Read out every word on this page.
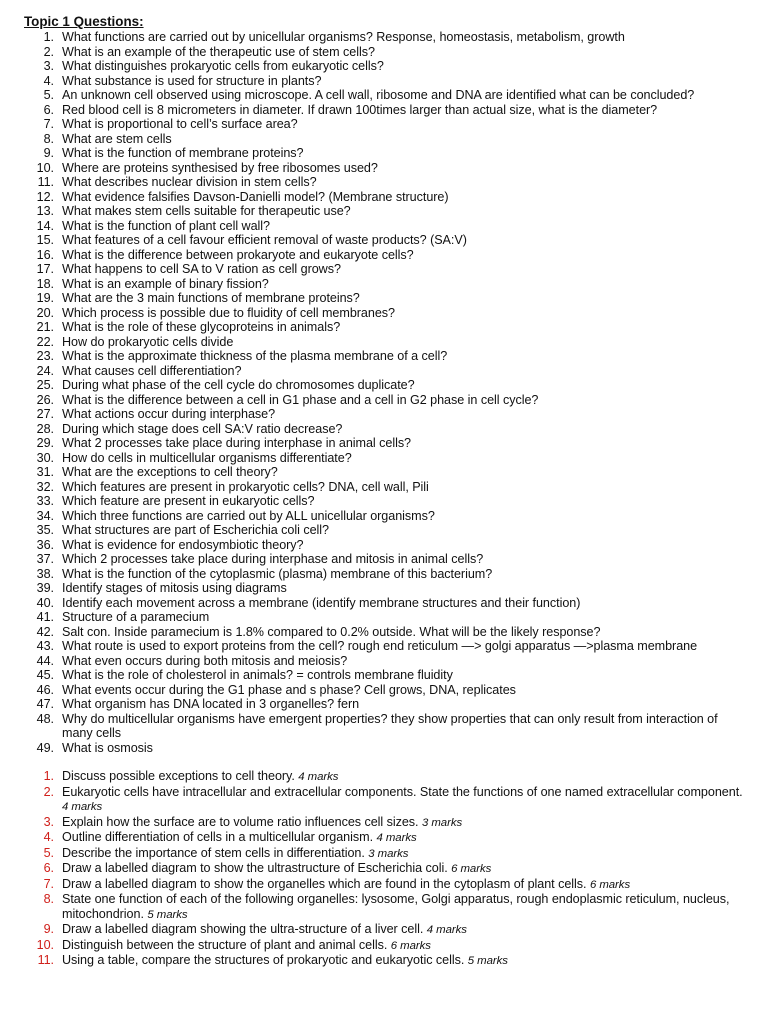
Topic 1 Questions:
1. What functions are carried out by unicellular organisms? Response, homeostasis, metabolism, growth
2. What is an example of the therapeutic use of stem cells?
3. What distinguishes prokaryotic cells from eukaryotic cells?
4. What substance is used for structure in plants?
5. An unknown cell observed using microscope. A cell wall, ribosome and DNA are identified what can be concluded?
6. Red blood cell is 8 micrometers in diameter. If drawn 100times larger than actual size, what is the diameter?
7. What is proportional to cell’s surface area?
8. What are stem cells
9. What is the function of membrane proteins?
10. Where are proteins synthesised by free ribosomes used?
11. What describes nuclear division in stem cells?
12. What evidence falsifies Davson-Danielli model? (Membrane structure)
13. What makes stem cells suitable for therapeutic use?
14. What is the function of plant cell wall?
15. What features of a cell favour efficient removal of waste products? (SA:V)
16. What is the difference between prokaryote and eukaryote cells?
17. What happens to cell SA to V ration as cell grows?
18. What is an example of binary fission?
19. What are the 3 main functions of membrane proteins?
20. Which process is possible due to fluidity of cell membranes?
21. What is the role of these glycoproteins in animals?
22. How do prokaryotic cells divide
23. What is the approximate thickness of the plasma membrane of a cell?
24. What causes cell differentiation?
25. During what phase of the cell cycle do chromosomes duplicate?
26. What is the difference between a cell in G1 phase and a cell in G2 phase in cell cycle?
27. What actions occur during interphase?
28. During which stage does cell SA:V ratio decrease?
29. What 2 processes take place during interphase in animal cells?
30. How do cells in multicellular organisms differentiate?
31. What are the exceptions to cell theory?
32. Which features are present in prokaryotic cells? DNA, cell wall, Pili
33. Which feature are present in eukaryotic cells?
34. Which three functions are carried out by ALL unicellular organisms?
35. What structures are part of Escherichia coli cell?
36. What is evidence for endosymbiotic theory?
37. Which 2 processes take place during interphase and mitosis in animal cells?
38. What is the function of the cytoplasmic (plasma) membrane of this bacterium?
39. Identify stages of mitosis using diagrams
40. Identify each movement across a membrane (identify membrane structures and their function)
41. Structure of a paramecium
42. Salt con. Inside paramecium is 1.8% compared to 0.2% outside. What will be the likely response?
43. What route is used to export proteins from the cell? rough end reticulum —> golgi apparatus —>plasma membrane
44. What even occurs during both mitosis and meiosis?
45. What is the role of cholesterol in animals? = controls membrane fluidity
46. What events occur during the G1 phase and s phase? Cell grows, DNA, replicates
47. What organism has DNA located in 3 organelles? fern
48. Why do multicellular organisms have emergent properties? they show properties that can only result from interaction of many cells
49. What is osmosis
1. Discuss possible exceptions to cell theory. 4 marks
2. Eukaryotic cells have intracellular and extracellular components. State the functions of one named extracellular component. 4 marks
3. Explain how the surface are to volume ratio influences cell sizes. 3 marks
4. Outline differentiation of cells in a multicellular organism. 4 marks
5. Describe the importance of stem cells in differentiation. 3 marks
6. Draw a labelled diagram to show the ultrastructure of Escherichia coli. 6 marks
7. Draw a labelled diagram to show the organelles which are found in the cytoplasm of plant cells. 6 marks
8. State one function of each of the following organelles: lysosome, Golgi apparatus, rough endoplasmic reticulum, nucleus, mitochondrion. 5 marks
9. Draw a labelled diagram showing the ultra-structure of a liver cell. 4 marks
10. Distinguish between the structure of plant and animal cells. 6 marks
11. Using a table, compare the structures of prokaryotic and eukaryotic cells. 5 marks
